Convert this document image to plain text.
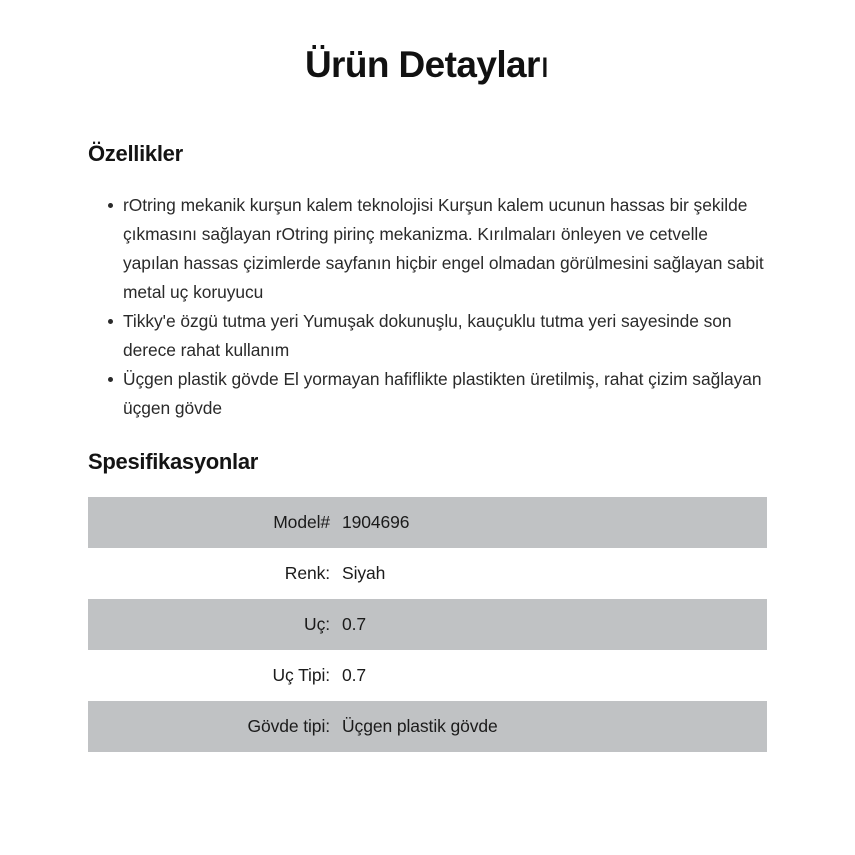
Ürün Detayları
Özellikler
rOtring mekanik kurşun kalem teknolojisi Kurşun kalem ucunun hassas bir şekilde çıkmasını sağlayan rOtring pirinç mekanizma. Kırılmaları önleyen ve cetvelle yapılan hassas çizimlerde sayfanın hiçbir engel olmadan görülmesini sağlayan sabit metal uç koruyucu
Tikky'e özgü tutma yeri Yumuşak dokunuşlu, kauçuklu tutma yeri sayesinde son derece rahat kullanım
Üçgen plastik gövde El yormayan hafiflikte plastikten üretilmiş, rahat çizim sağlayan üçgen gövde
Spesifikasyonlar
Model#	1904696
Renk:	Siyah
Uç:	0.7
Uç Tipi:	0.7
Gövde tipi:	Üçgen plastik gövde
